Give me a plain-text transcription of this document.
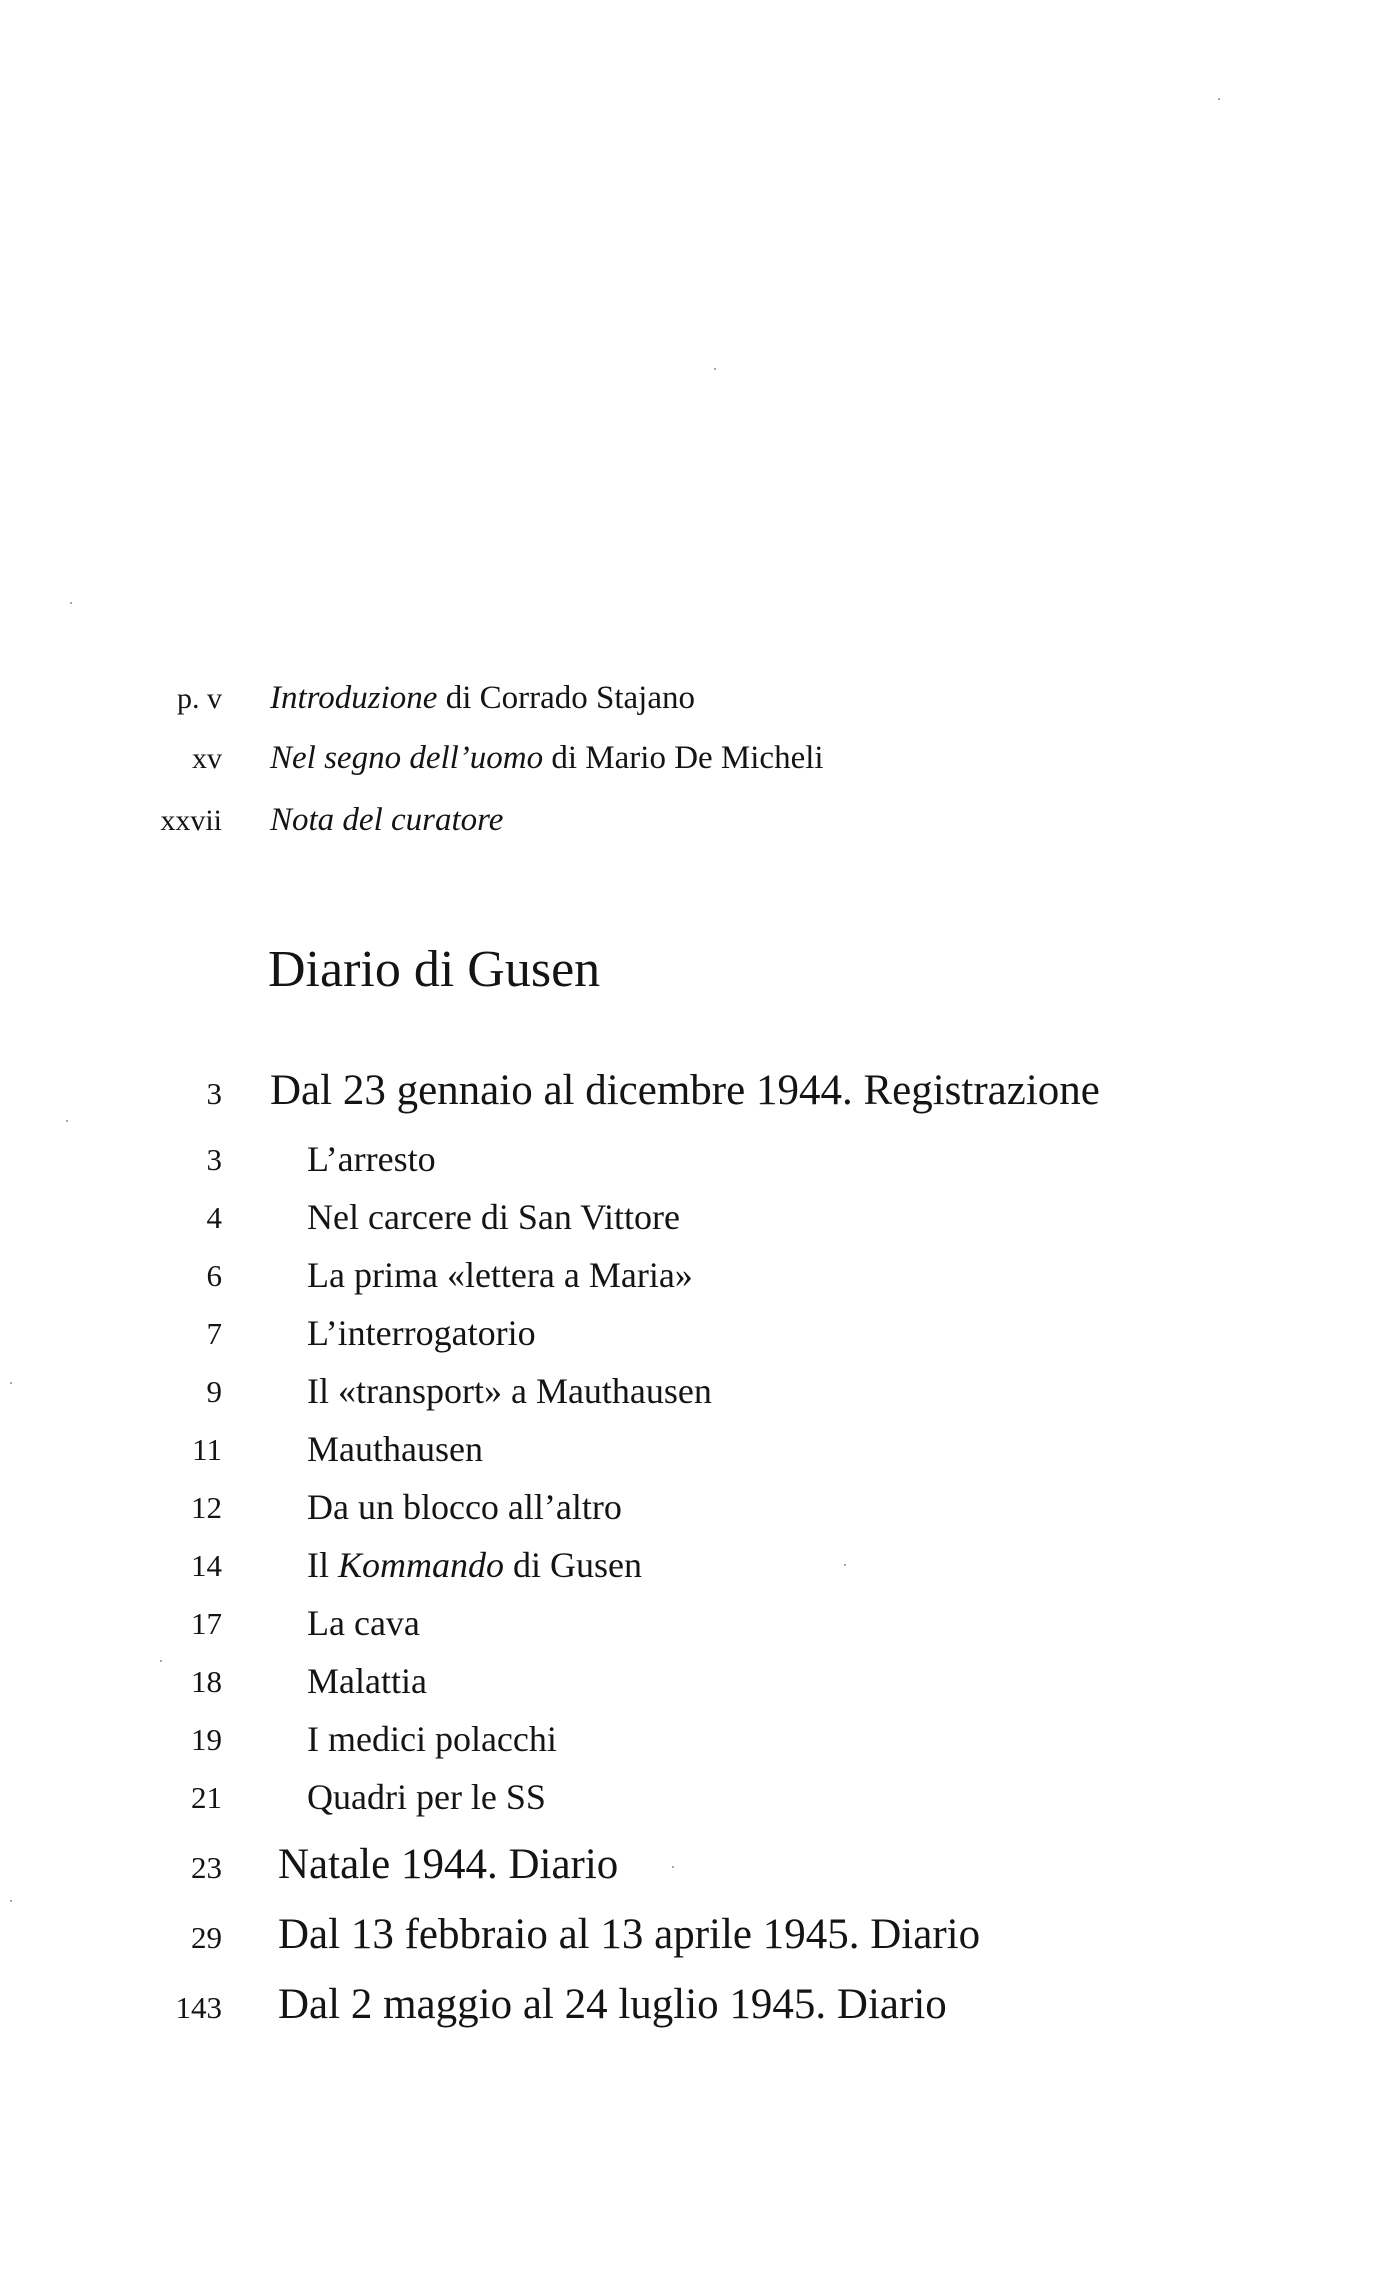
p. v Introduzione di Corrado Stajano
xv Nel segno dell’uomo di Mario De Micheli
xxvii Nota del curatore
Diario di Gusen
3 Dal 23 gennaio al dicembre 1944. Registrazione
3 L’arresto
4 Nel carcere di San Vittore
6 La prima «lettera a Maria»
7 L’interrogatorio
9 Il «transport» a Mauthausen
11 Mauthausen
12 Da un blocco all’altro
14 Il Kommando di Gusen
17 La cava
18 Malattia
19 I medici polacchi
21 Quadri per le SS
23 Natale 1944. Diario
29 Dal 13 febbraio al 13 aprile 1945. Diario
143 Dal 2 maggio al 24 luglio 1945. Diario
